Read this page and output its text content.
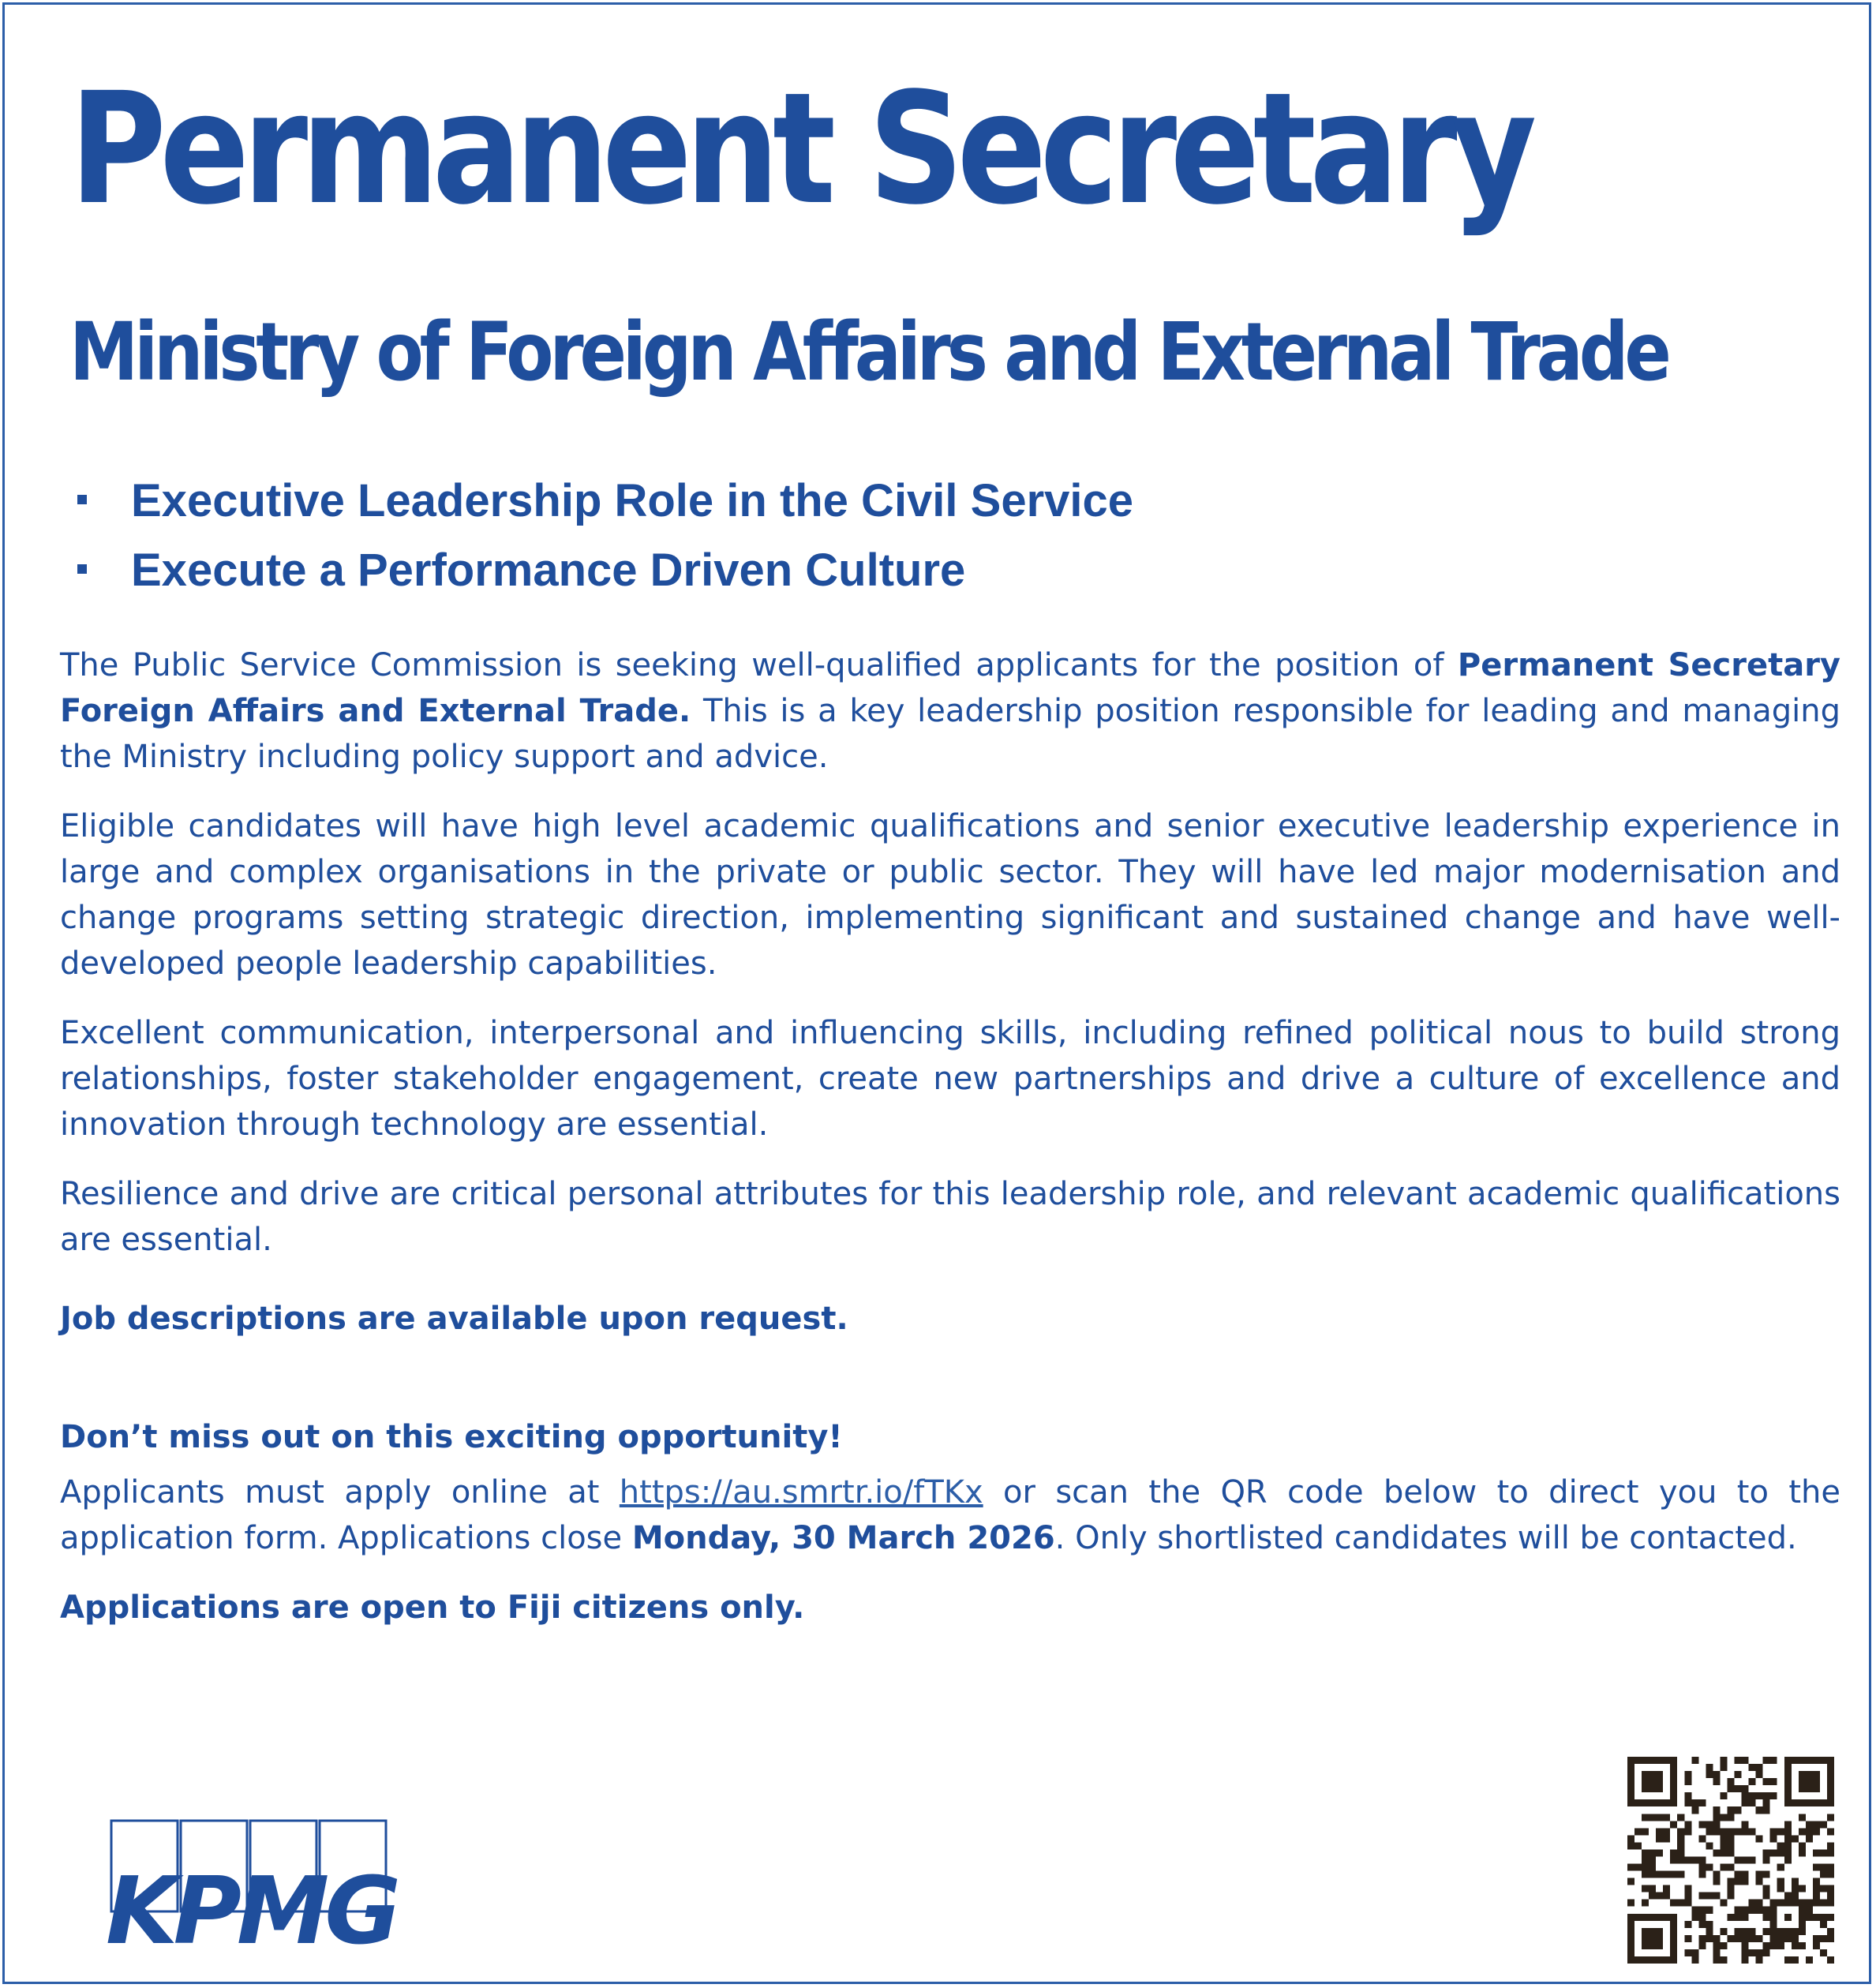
Permanent Secretary
Ministry of Foreign Affairs and External Trade
Executive Leadership Role in the Civil Service
Execute a Performance Driven Culture

The Public Service Commission is seeking well-qualified applicants for the position of Permanent Secretary Foreign Affairs and External Trade. This is a key leadership position responsible for leading and managing the Ministry including policy support and advice.

Eligible candidates will have high level academic qualifications and senior executive leadership experience in large and complex organisations in the private or public sector. They will have led major modernisation and change programs setting strategic direction, implementing significant and sustained change and have well-developed people leadership capabilities.

Excellent communication, interpersonal and influencing skills, including refined political nous to build strong relationships, foster stakeholder engagement, create new partnerships and drive a culture of excellence and innovation through technology are essential.

Resilience and drive are critical personal attributes for this leadership role, and relevant academic qualifications are essential.

Job descriptions are available upon request.

Don’t miss out on this exciting opportunity!

Applicants must apply online at https://au.smrtr.io/fTKx or scan the QR code below to direct you to the application form. Applications close Monday, 30 March 2026. Only shortlisted candidates will be contacted.

Applications are open to Fiji citizens only.

KPMG
